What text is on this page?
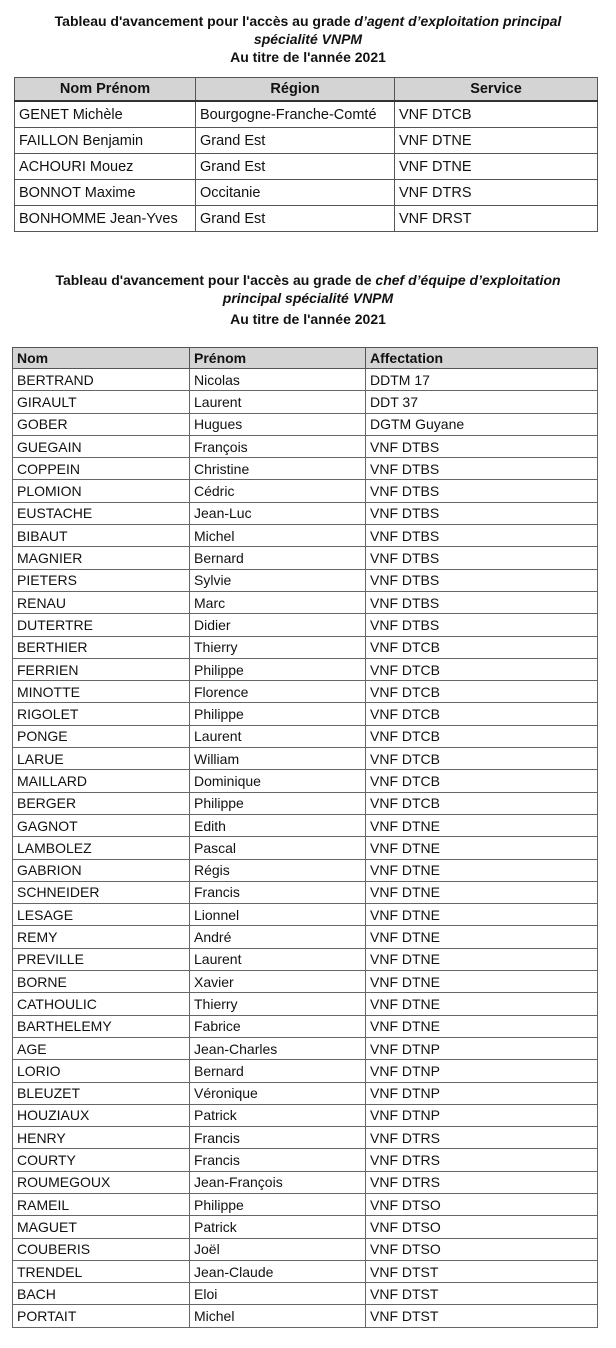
Tableau d'avancement pour l'accès au grade d’agent d’exploitation principal
spécialité VNPM
Au titre de l'année 2021
Nom Prénom	Région	Service
GENET Michèle	Bourgogne-Franche-Comté	VNF DTCB
FAILLON Benjamin	Grand Est	VNF DTNE
ACHOURI Mouez	Grand Est	VNF DTNE
BONNOT Maxime	Occitanie	VNF DTRS
BONHOMME Jean-Yves	Grand Est	VNF DRST
Tableau d'avancement pour l'accès au grade de chef d’équipe d’exploitation
principal spécialité VNPM
Au titre de l'année 2021
Nom	Prénom	Affectation
BERTRAND	Nicolas	DDTM 17
GIRAULT	Laurent	DDT 37
GOBER	Hugues	DGTM Guyane
GUEGAIN	François	VNF DTBS
COPPEIN	Christine	VNF DTBS
PLOMION	Cédric	VNF DTBS
EUSTACHE	Jean-Luc	VNF DTBS
BIBAUT	Michel	VNF DTBS
MAGNIER	Bernard	VNF DTBS
PIETERS	Sylvie	VNF DTBS
RENAU	Marc	VNF DTBS
DUTERTRE	Didier	VNF DTBS
BERTHIER	Thierry	VNF DTCB
FERRIEN	Philippe	VNF DTCB
MINOTTE	Florence	VNF DTCB
RIGOLET	Philippe	VNF DTCB
PONGE	Laurent	VNF DTCB
LARUE	William	VNF DTCB
MAILLARD	Dominique	VNF DTCB
BERGER	Philippe	VNF DTCB
GAGNOT	Edith	VNF DTNE
LAMBOLEZ	Pascal	VNF DTNE
GABRION	Régis	VNF DTNE
SCHNEIDER	Francis	VNF DTNE
LESAGE	Lionnel	VNF DTNE
REMY	André	VNF DTNE
PREVILLE	Laurent	VNF DTNE
BORNE	Xavier	VNF DTNE
CATHOULIC	Thierry	VNF DTNE
BARTHELEMY	Fabrice	VNF DTNE
AGE	Jean-Charles	VNF DTNP
LORIO	Bernard	VNF DTNP
BLEUZET	Véronique	VNF DTNP
HOUZIAUX	Patrick	VNF DTNP
HENRY	Francis	VNF DTRS
COURTY	Francis	VNF DTRS
ROUMEGOUX	Jean-François	VNF DTRS
RAMEIL	Philippe	VNF DTSO
MAGUET	Patrick	VNF DTSO
COUBERIS	Joël	VNF DTSO
TRENDEL	Jean-Claude	VNF DTST
BACH	Eloi	VNF DTST
PORTAIT	Michel	VNF DTST
